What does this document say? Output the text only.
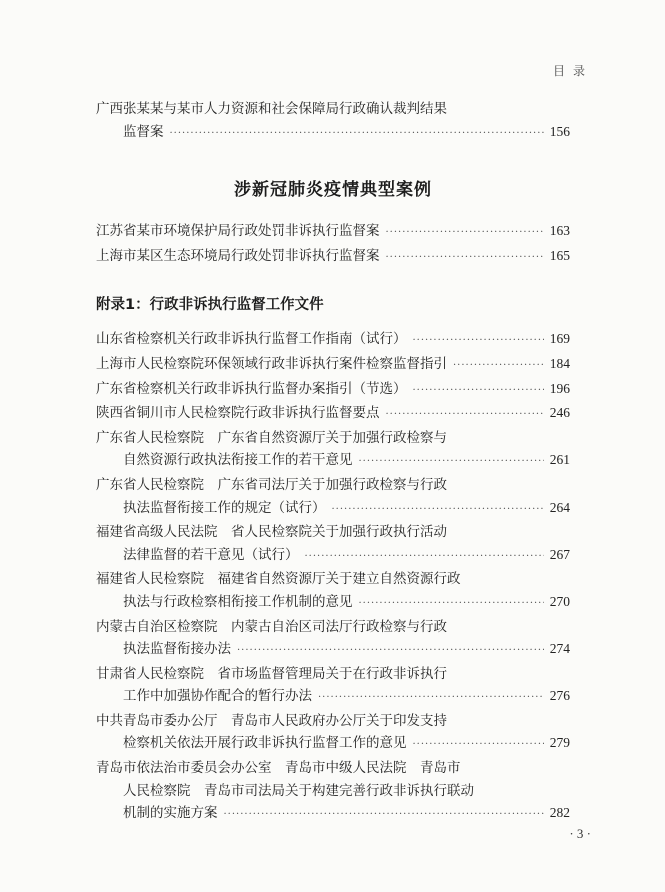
目录
广西张某某与某市人力资源和社会保障局行政确认裁判结果
监督案 ·····	156
涉新冠肺炎疫情典型案例
江苏省某市环境保护局行政处罚非诉执行监督案 ·····	163
上海市某区生态环境局行政处罚非诉执行监督案 ·····	165
附录1：行政非诉执行监督工作文件
山东省检察机关行政非诉执行监督工作指南（试行） ·····	169
上海市人民检察院环保领域行政非诉执行案件检察监督指引 ·····	184
广东省检察机关行政非诉执行监督办案指引（节选） ·····	196
陕西省铜川市人民检察院行政非诉执行监督要点 ·····	246
广东省人民检察院　广东省自然资源厅关于加强行政检察与
自然资源行政执法衔接工作的若干意见 ·····	261
广东省人民检察院　广东省司法厅关于加强行政检察与行政
执法监督衔接工作的规定（试行） ·····	264
福建省高级人民法院　省人民检察院关于加强行政执行活动
法律监督的若干意见（试行） ·····	267
福建省人民检察院　福建省自然资源厅关于建立自然资源行政
执法与行政检察相衔接工作机制的意见 ·····	270
内蒙古自治区检察院　内蒙古自治区司法厅行政检察与行政
执法监督衔接办法 ·····	274
甘肃省人民检察院　省市场监督管理局关于在行政非诉执行
工作中加强协作配合的暂行办法 ·····	276
中共青岛市委办公厅　青岛市人民政府办公厅关于印发支持
检察机关依法开展行政非诉执行监督工作的意见 ·····	279
青岛市依法治市委员会办公室　青岛市中级人民法院　青岛市
人民检察院　青岛市司法局关于构建完善行政非诉执行联动
机制的实施方案 ·····	282
· 3 ·
